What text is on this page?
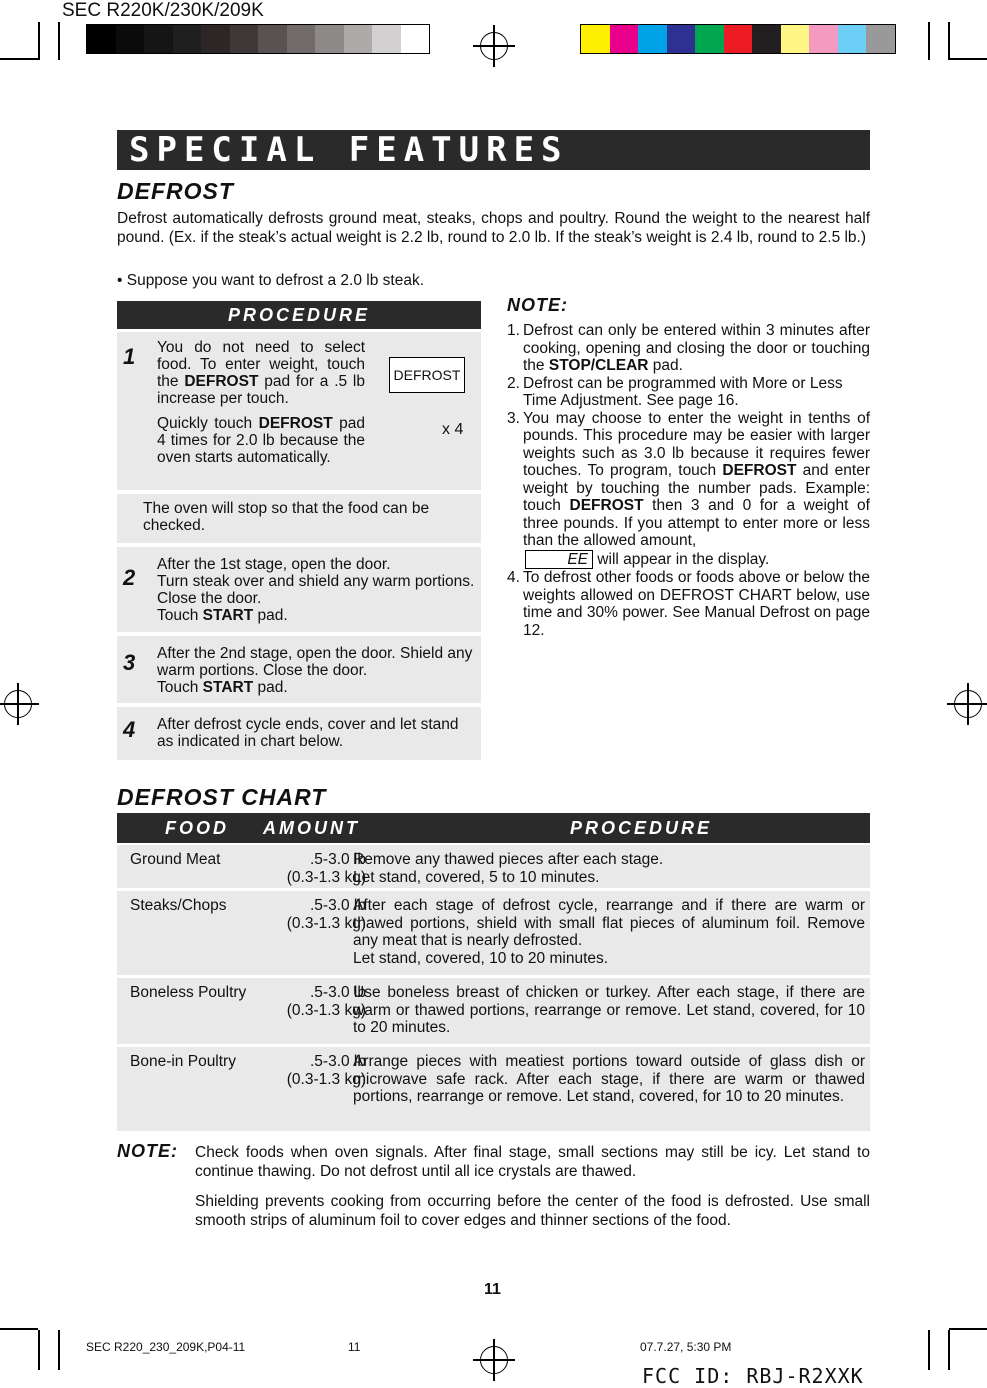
SEC R220K/230K/209K
SPECIAL FEATURES
DEFROST
Defrost automatically defrosts ground meat, steaks, chops and poultry. Round the weight to the nearest half pound. (Ex. if the steak’s actual weight is 2.2 lb, round to 2.0 lb. If the steak’s weight is 2.4 lb, round to 2.5 lb.)
• Suppose you want to defrost a 2.0 lb steak.
PROCEDURE
1 You do not need to select food. To enter weight, touch the DEFROST pad for a .5 lb increase per touch.
Quickly touch DEFROST pad 4 times for 2.0 lb because the oven starts automatically.
DEFROST
x 4
The oven will stop so that the food can be checked.
2
After the 1st stage, open the door.
Turn steak over and shield any warm portions. Close the door.
Touch START pad.
3 After the 2nd stage, open the door. Shield any warm portions. Close the door.
Touch START pad.
4 After defrost cycle ends, cover and let stand as indicated in chart below.
NOTE:
1. Defrost can only be entered within 3 minutes after cooking, opening and closing the door or touching the STOP/CLEAR pad.
2. Defrost can be programmed with More or Less Time Adjustment. See page 16.
3. You may choose to enter the weight in tenths of pounds. This procedure may be easier with larger weights such as 3.0 lb because it requires fewer touches. To program, touch DEFROST and enter weight by touching the number pads. Example: touch DEFROST then 3 and 0 for a weight of three pounds. If you attempt to enter more or less than the allowed amount,
EE will appear in the display.
4. To defrost other foods or foods above or below the weights allowed on DEFROST CHART below, use time and 30% power. See Manual Defrost on page 12.
DEFROST CHART
FOOD AMOUNT	PROCEDURE
Ground Meat	.5-3.0 lb
(0.3-1.3 kg)
Remove any thawed pieces after each stage.
Let stand, covered, 5 to 10 minutes.
Steaks/Chops	.5-3.0 lb
(0.3-1.3 kg)
After each stage of defrost cycle, rearrange and if there are warm or thawed portions, shield with small flat pieces of aluminum foil. Remove any meat that is nearly defrosted.
Let stand, covered, 10 to 20 minutes.
Boneless Poultry	.5-3.0 lb
(0.3-1.3 kg)
Use boneless breast of chicken or turkey. After each stage, if there are warm or thawed portions, rearrange or remove. Let stand, covered, for 10 to 20 minutes.
Bone-in Poultry	.5-3.0 lb
(0.3-1.3 kg)
Arrange pieces with meatiest portions toward outside of glass dish or microwave safe rack. After each stage, if there are warm or thawed portions, rearrange or remove. Let stand, covered, for 10 to 20 minutes.
NOTE: Check foods when oven signals. After final stage, small sections may still be icy. Let stand to continue thawing. Do not defrost until all ice crystals are thawed.
Shielding prevents cooking from occurring before the center of the food is defrosted. Use small smooth strips of aluminum foil to cover edges and thinner sections of the food.
11
SEC R220_230_209K,P04-11	11	07.7.27, 5:30 PM
FCC ID: RBJ-R2XXK
